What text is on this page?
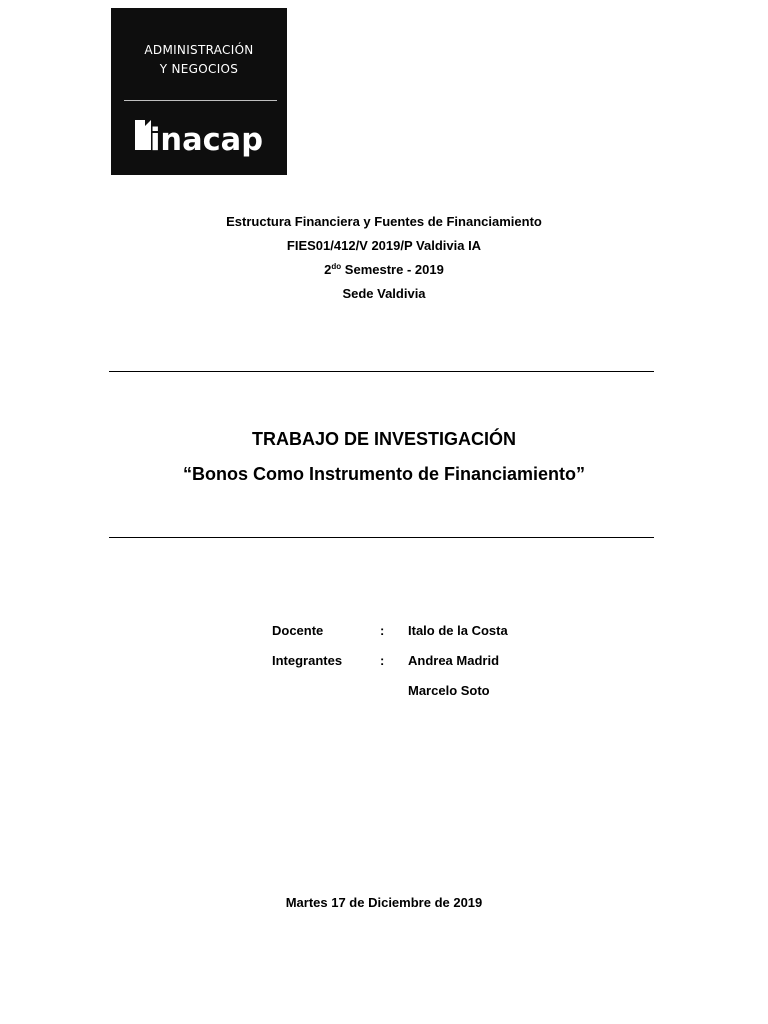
ADMINISTRACIÓN
Y NEGOCIOS
inacap
Estructura Financiera y Fuentes de Financiamiento
FIES01/412/V 2019/P Valdivia IA
$2^{do}$ Semestre - 2019
Sede Valdivia
TRABAJO DE INVESTIGACIÓN
“Bonos Como Instrumento de Financiamiento”
Docente	: Italo de la Costa
Integrantes	: Andrea Madrid
Marcelo Soto
Martes 17 de Diciembre de 2019
